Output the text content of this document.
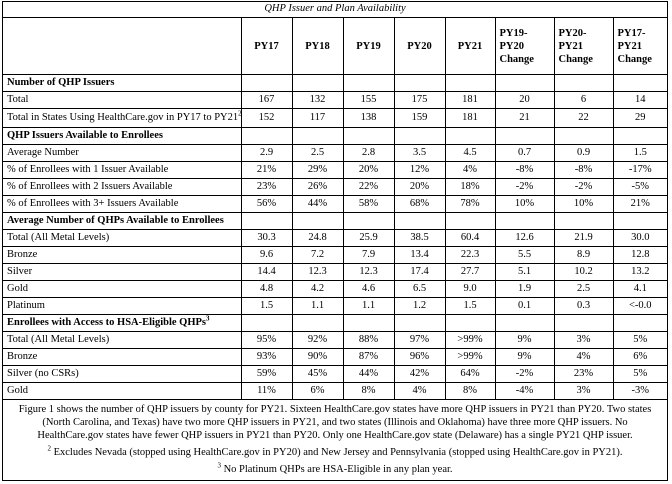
QHP Issuer and Plan Availability
	PY17	PY18	PY19	PY20	PY21	PY19-PY20 Change	PY20-PY21 Change	PY17-PY21 Change
Number of QHP Issuers								
Total	167	132	155	175	181	20	6	14
Total in States Using HealthCare.gov in PY17 to $PY21^2$	152	117	138	159	181	21	22	29
QHP Issuers Available to Enrollees								
Average Number	2.9	2.5	2.8	3.5	4.5	0.7	0.9	1.5
% of Enrollees with 1 Issuer Available	21%	29%	20%	12%	4%	-8%	-8%	-17%
% of Enrollees with 2 Issuers Available	23%	26%	22%	20%	18%	-2%	-2%	-5%
% of Enrollees with 3+ Issuers Available	56%	44%	58%	68%	78%	10%	10%	21%
Average Number of QHPs Available to Enrollees								
Total (All Metal Levels)	30.3	24.8	25.9	38.5	60.4	12.6	21.9	30.0
Bronze	9.6	7.2	7.9	13.4	22.3	5.5	8.9	12.8
Silver	14.4	12.3	12.3	17.4	27.7	5.1	10.2	13.2
Gold	4.8	4.2	4.6	6.5	9.0	1.9	2.5	4.1
Platinum	1.5	1.1	1.1	1.2	1.5	0.1	0.3	<-0.0
Enrollees with Access to HSA-Eligible QHPs$^3$								
Total (All Metal Levels)	95%	92%	88%	97%	>99%	9%	3%	5%
Bronze	93%	90%	87%	96%	>99%	9%	4%	6%
Silver (no CSRs)	59%	45%	44%	42%	64%	-2%	23%	5%
Gold	11%	6%	8%	4%	8%	-4%	3%	-3%

Figure 1 shows the number of QHP issuers by county for PY21. Sixteen HealthCare.gov states have more QHP issuers in PY21 than PY20. Two states (North Carolina, and Texas) have two more QHP issuers in PY21, and two states (Illinois and Oklahoma) have three more QHP issuers. No HealthCare.gov states have fewer QHP issuers in PY21 than PY20. Only one HealthCare.gov state (Delaware) has a single PY21 QHP issuer.

$^2$ Excludes Nevada (stopped using HealthCare.gov in PY20) and New Jersey and Pennsylvania (stopped using HealthCare.gov in PY21).

$^3$ No Platinum QHPs are HSA-Eligible in any plan year.
